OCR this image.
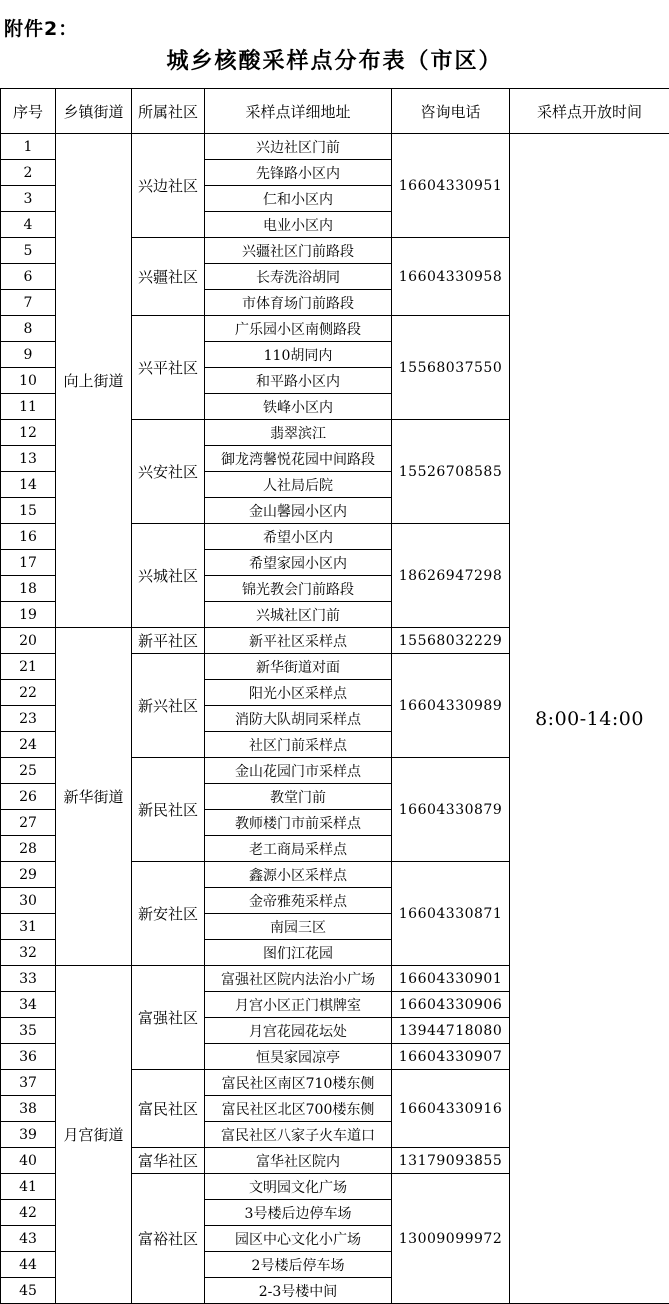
附件2：
城乡核酸采样点分布表（市区）
序号	乡镇街道	所属社区	采样点详细地址	咨询电话	采样点开放时间
1	向上街道	兴边社区	兴边社区门前	16604330951	8:00-14:00
2			先锋路小区内		
3			仁和小区内		
4			电业小区内		
5		兴疆社区	兴疆社区门前路段	16604330958	
6			长寿洗浴胡同		
7			市体育场门前路段		
8		兴平社区	广乐园小区南侧路段	15568037550	
9			110胡同内		
10			和平路小区内		
11			铁峰小区内		
12		兴安社区	翡翠滨江	15526708585	
13			御龙湾馨悦花园中间路段		
14			人社局后院		
15			金山馨园小区内		
16		兴城社区	希望小区内	18626947298	
17			希望家园小区内		
18			锦光教会门前路段		
19			兴城社区门前		
20	新华街道	新平社区	新平社区采样点	15568032229	
21		新兴社区	新华街道对面	16604330989	
22			阳光小区采样点		
23			消防大队胡同采样点		
24			社区门前采样点		
25		新民社区	金山花园门市采样点	16604330879	
26			教堂门前		
27			教师楼门市前采样点		
28			老工商局采样点		
29		新安社区	鑫源小区采样点	16604330871	
30			金帝雅苑采样点		
31			南园三区		
32			图们江花园		
33	月宫街道	富强社区	富强社区院内法治小广场	16604330901	
34			月宫小区正门棋牌室	16604330906	
35			月宫花园花坛处	13944718080	
36			恒昊家园凉亭	16604330907	
37		富民社区	富民社区南区710楼东侧	16604330916	
38			富民社区北区700楼东侧		
39			富民社区八家子火车道口		
40		富华社区	富华社区院内	13179093855	
41		富裕社区	文明园文化广场	13009099972	
42			3号楼后边停车场		
43			园区中心文化小广场		
44			2号楼后停车场		
45			2-3号楼中间		
